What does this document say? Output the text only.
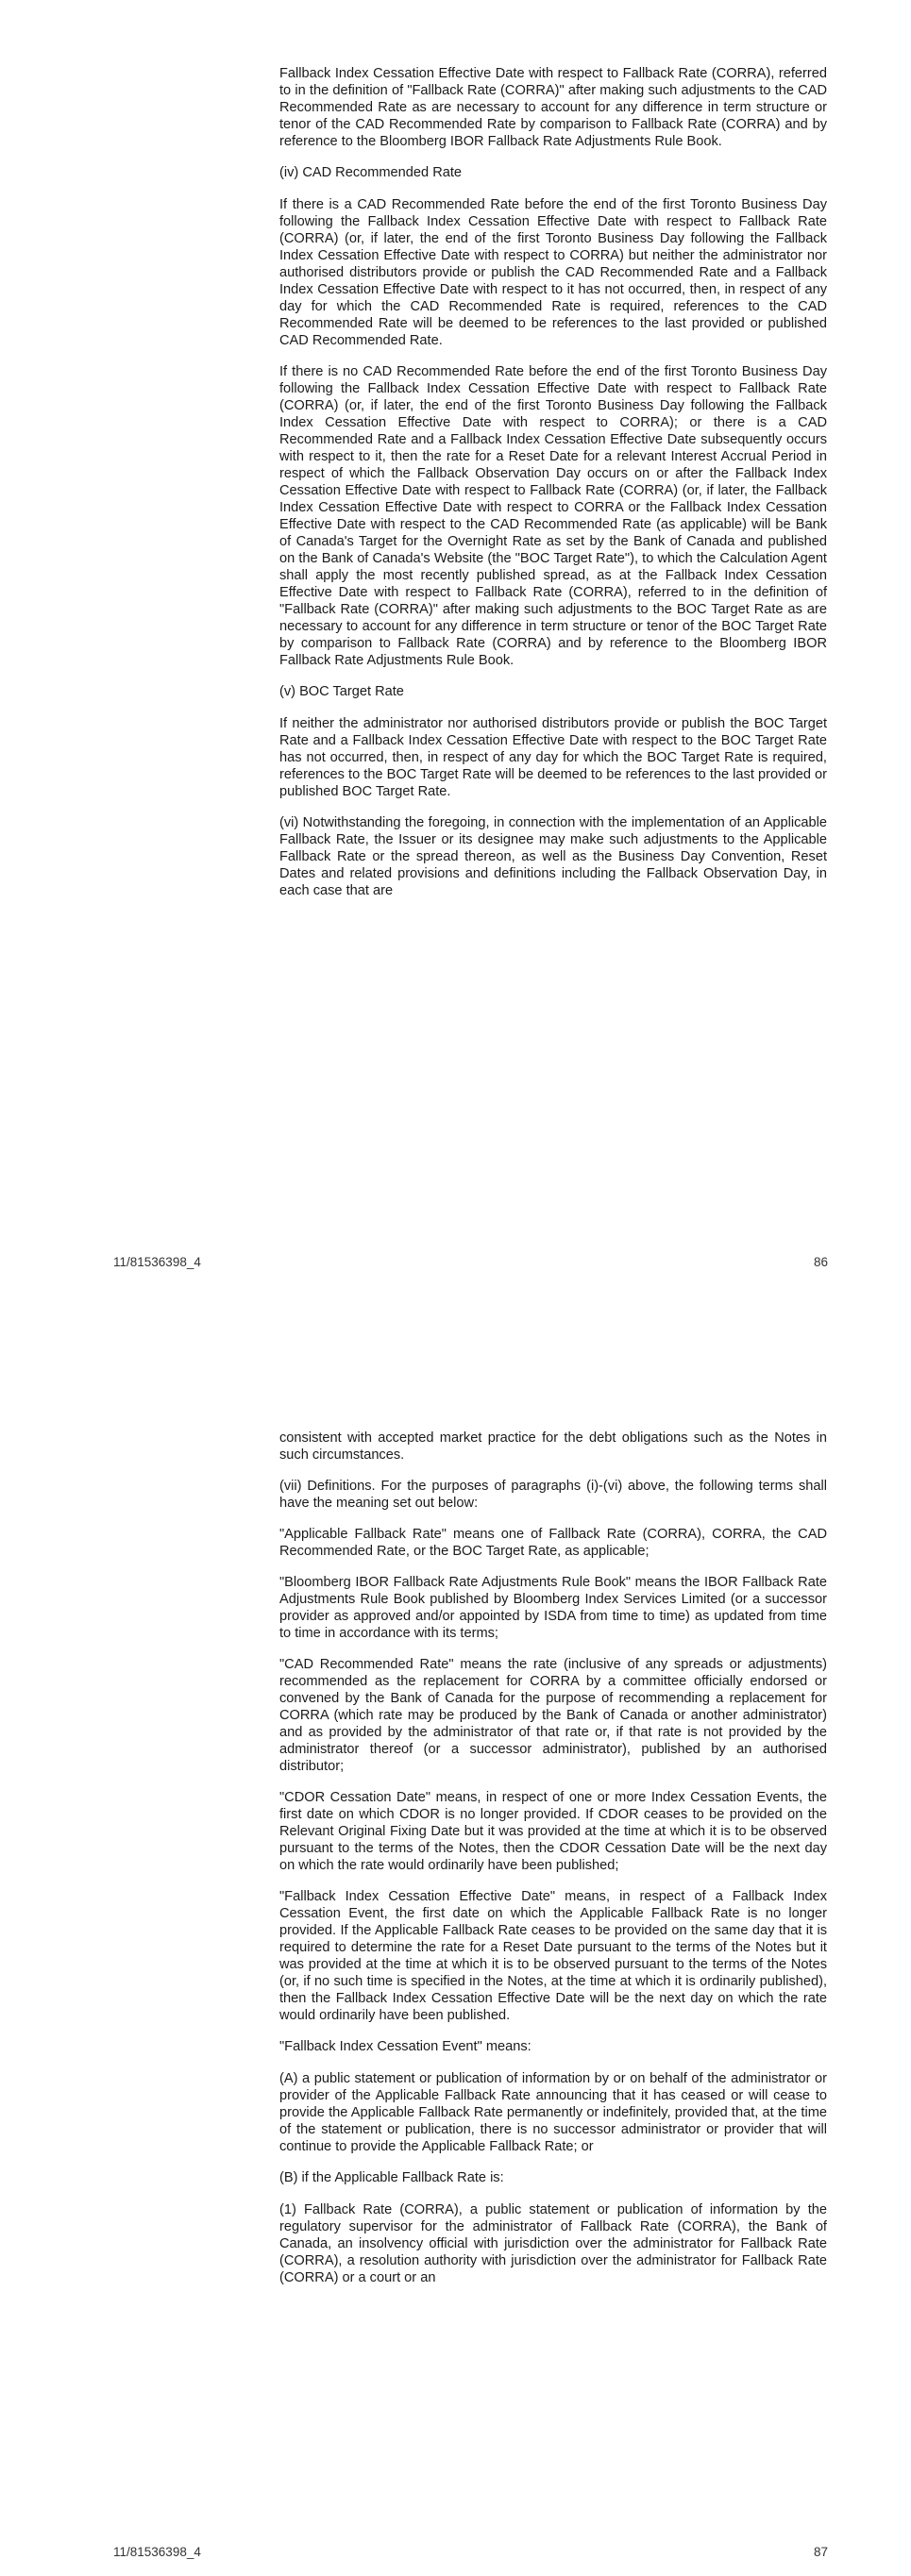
Fallback Index Cessation Effective Date with respect to Fallback Rate (CORRA), referred to in the definition of "Fallback Rate (CORRA)" after making such adjustments to the CAD Recommended Rate as are necessary to account for any difference in term structure or tenor of the CAD Recommended Rate by comparison to Fallback Rate (CORRA) and by reference to the Bloomberg IBOR Fallback Rate Adjustments Rule Book.

(iv) CAD Recommended Rate

If there is a CAD Recommended Rate before the end of the first Toronto Business Day following the Fallback Index Cessation Effective Date with respect to Fallback Rate (CORRA) (or, if later, the end of the first Toronto Business Day following the Fallback Index Cessation Effective Date with respect to CORRA) but neither the administrator nor authorised distributors provide or publish the CAD Recommended Rate and a Fallback Index Cessation Effective Date with respect to it has not occurred, then, in respect of any day for which the CAD Recommended Rate is required, references to the CAD Recommended Rate will be deemed to be references to the last provided or published CAD Recommended Rate.

If there is no CAD Recommended Rate before the end of the first Toronto Business Day following the Fallback Index Cessation Effective Date with respect to Fallback Rate (CORRA) (or, if later, the end of the first Toronto Business Day following the Fallback Index Cessation Effective Date with respect to CORRA); or there is a CAD Recommended Rate and a Fallback Index Cessation Effective Date subsequently occurs with respect to it, then the rate for a Reset Date for a relevant Interest Accrual Period in respect of which the Fallback Observation Day occurs on or after the Fallback Index Cessation Effective Date with respect to Fallback Rate (CORRA) (or, if later, the Fallback Index Cessation Effective Date with respect to CORRA or the Fallback Index Cessation Effective Date with respect to the CAD Recommended Rate (as applicable) will be Bank of Canada's Target for the Overnight Rate as set by the Bank of Canada and published on the Bank of Canada's Website (the "BOC Target Rate"), to which the Calculation Agent shall apply the most recently published spread, as at the Fallback Index Cessation Effective Date with respect to Fallback Rate (CORRA), referred to in the definition of "Fallback Rate (CORRA)" after making such adjustments to the BOC Target Rate as are necessary to account for any difference in term structure or tenor of the BOC Target Rate by comparison to Fallback Rate (CORRA) and by reference to the Bloomberg IBOR Fallback Rate Adjustments Rule Book.

(v) BOC Target Rate

If neither the administrator nor authorised distributors provide or publish the BOC Target Rate and a Fallback Index Cessation Effective Date with respect to the BOC Target Rate has not occurred, then, in respect of any day for which the BOC Target Rate is required, references to the BOC Target Rate will be deemed to be references to the last provided or published BOC Target Rate.

(vi) Notwithstanding the foregoing, in connection with the implementation of an Applicable Fallback Rate, the Issuer or its designee may make such adjustments to the Applicable Fallback Rate or the spread thereon, as well as the Business Day Convention, Reset Dates and related provisions and definitions including the Fallback Observation Day, in each case that are

11/81536398_4	86

consistent with accepted market practice for the debt obligations such as the Notes in such circumstances.

(vii) Definitions. For the purposes of paragraphs (i)-(vi) above, the following terms shall have the meaning set out below:

"Applicable Fallback Rate" means one of Fallback Rate (CORRA), CORRA, the CAD Recommended Rate, or the BOC Target Rate, as applicable;

"Bloomberg IBOR Fallback Rate Adjustments Rule Book" means the IBOR Fallback Rate Adjustments Rule Book published by Bloomberg Index Services Limited (or a successor provider as approved and/or appointed by ISDA from time to time) as updated from time to time in accordance with its terms;

"CAD Recommended Rate" means the rate (inclusive of any spreads or adjustments) recommended as the replacement for CORRA by a committee officially endorsed or convened by the Bank of Canada for the purpose of recommending a replacement for CORRA (which rate may be produced by the Bank of Canada or another administrator) and as provided by the administrator of that rate or, if that rate is not provided by the administrator thereof (or a successor administrator), published by an authorised distributor;

"CDOR Cessation Date" means, in respect of one or more Index Cessation Events, the first date on which CDOR is no longer provided. If CDOR ceases to be provided on the Relevant Original Fixing Date but it was provided at the time at which it is to be observed pursuant to the terms of the Notes, then the CDOR Cessation Date will be the next day on which the rate would ordinarily have been published;

"Fallback Index Cessation Effective Date" means, in respect of a Fallback Index Cessation Event, the first date on which the Applicable Fallback Rate is no longer provided. If the Applicable Fallback Rate ceases to be provided on the same day that it is required to determine the rate for a Reset Date pursuant to the terms of the Notes but it was provided at the time at which it is to be observed pursuant to the terms of the Notes (or, if no such time is specified in the Notes, at the time at which it is ordinarily published), then the Fallback Index Cessation Effective Date will be the next day on which the rate would ordinarily have been published.

"Fallback Index Cessation Event" means:

(A) a public statement or publication of information by or on behalf of the administrator or provider of the Applicable Fallback Rate announcing that it has ceased or will cease to provide the Applicable Fallback Rate permanently or indefinitely, provided that, at the time of the statement or publication, there is no successor administrator or provider that will continue to provide the Applicable Fallback Rate; or

(B) if the Applicable Fallback Rate is:

(1) Fallback Rate (CORRA), a public statement or publication of information by the regulatory supervisor for the administrator of Fallback Rate (CORRA), the Bank of Canada, an insolvency official with jurisdiction over the administrator for Fallback Rate (CORRA), a resolution authority with jurisdiction over the administrator for Fallback Rate (CORRA) or a court or an

11/81536398_4	87
